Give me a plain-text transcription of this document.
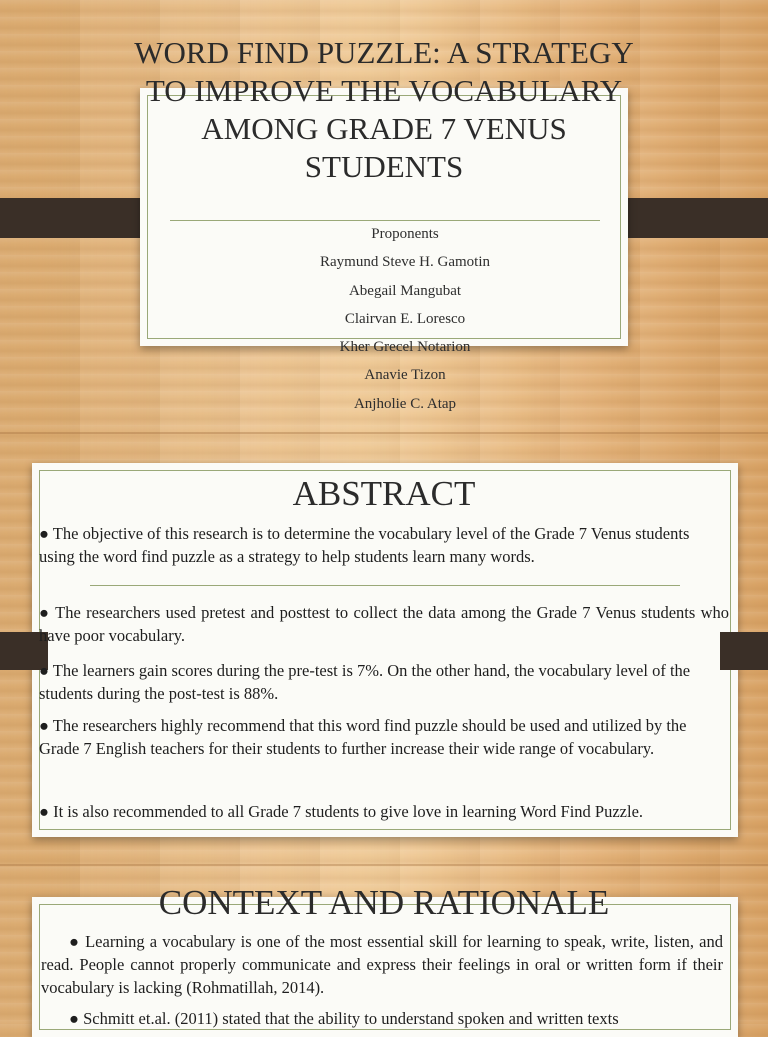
WORD FIND PUZZLE: A STRATEGY TO IMPROVE THE VOCABULARY AMONG GRADE 7 VENUS STUDENTS
Proponents
Raymund Steve H. Gamotin
Abegail Mangubat
Clairvan E. Loresco
Kher Grecel Notarion
Anavie Tizon
Anjholie C. Atap
ABSTRACT

● The objective of this research is to determine the vocabulary level of the Grade 7 Venus students using the word find puzzle as a strategy to help students learn many words.

● The researchers used pretest and posttest to collect the data among the Grade 7 Venus students who have poor vocabulary.

● The learners gain scores during the pre-test is 7%. On the other hand, the vocabulary level of the students during the post-test is 88%.

● The researchers highly recommend that this word find puzzle should be used and utilized by the Grade 7 English teachers for their students to further increase their wide range of vocabulary.

● It is also recommended to all Grade 7 students to give love in learning Word Find Puzzle.

CONTEXT AND RATIONALE

● Learning a vocabulary is one of the most essential skill for learning to speak, write, listen, and read. People cannot properly communicate and express their feelings in oral or written form if their vocabulary is lacking (Rohmatillah, 2014).

● Schmitt et.al. (2011) stated that the ability to understand spoken and written texts
